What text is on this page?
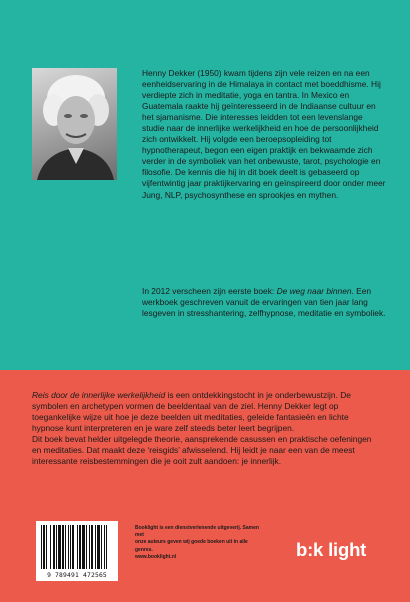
Henny Dekker (1950) kwam tijdens zijn vele reizen en na een eenheidservaring in de Himalaya in contact met boeddhisme. Hij verdiepte zich in meditatie, yoga en tantra. In Mexico en Guatemala raakte hij geïnteresseerd in de Indiaanse cultuur en het sjamanisme. Die interesses leidden tot een levenslange studie naar de innerlijke werkelijkheid en hoe de persoonlijkheid zich ontwikkelt. Hij volgde een beroepsopleiding tot hypnotherapeut, begon een eigen praktijk en bekwaamde zich verder in de symboliek van het onbewuste, tarot, psychologie en filosofie. De kennis die hij in dit boek deelt is gebaseerd op vijfentwintig jaar praktijkervaring en geïnspireerd door onder meer Jung, NLP, psychosynthese en sprookjes en mythen.

In 2012 verscheen zijn eerste boek: De weg naar binnen. Een werkboek geschreven vanuit de ervaringen van tien jaar lang lesgeven in stresshantering, zelfhypnose, meditatie en symboliek.

Reis door de innerlijke werkelijkheid is een ontdekkingstocht in je onderbewustzijn. De symbolen en archetypen vormen de beeldentaal van de ziel. Henny Dekker legt op toegankelijke wijze uit hoe je deze beelden uit meditaties, geleide fantasieën en lichte hypnose kunt interpreteren en je ware zelf steeds beter leert begrijpen.

Dit boek bevat helder uitgelegde theorie, aansprekende casussen en praktische oefeningen en meditaties. Dat maakt deze ‘reisgids’ afwisselend. Hij leidt je naar een van de meest interessante reisbestemmingen die je ooit zult aandoen: je innerlijk.

9 789491 472565
Booklight is een dienstverlenende uitgeverij. Samen met
onze auteurs geven wij goede boeken uit in alle genres.
www.booklight.nl	b:k light
